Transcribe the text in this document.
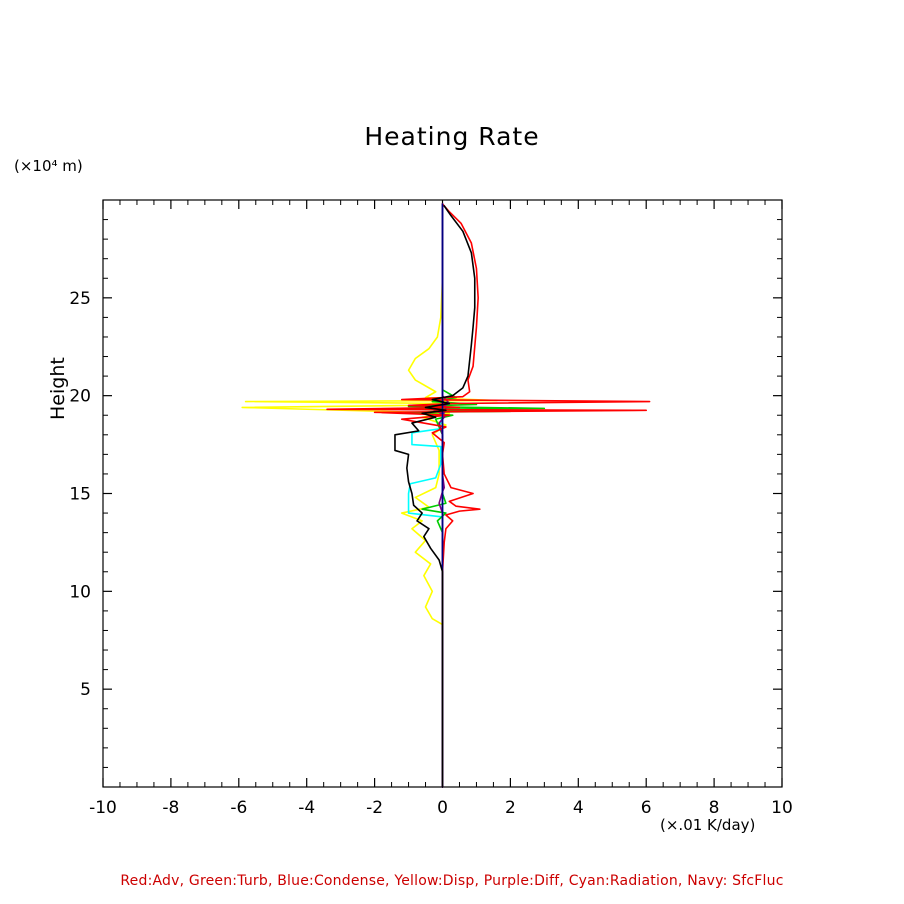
Heating Rate
(×10⁴ m)
Height
(×.01 K/day)
-10	-8	-6	-4	-2	0	2	4	6	8	10
5
10
15
20
25
Red:Adv, Green:Turb, Blue:Condense, Yellow:Disp, Purple:Diff, Cyan:Radiation, Navy: SfcFluc
